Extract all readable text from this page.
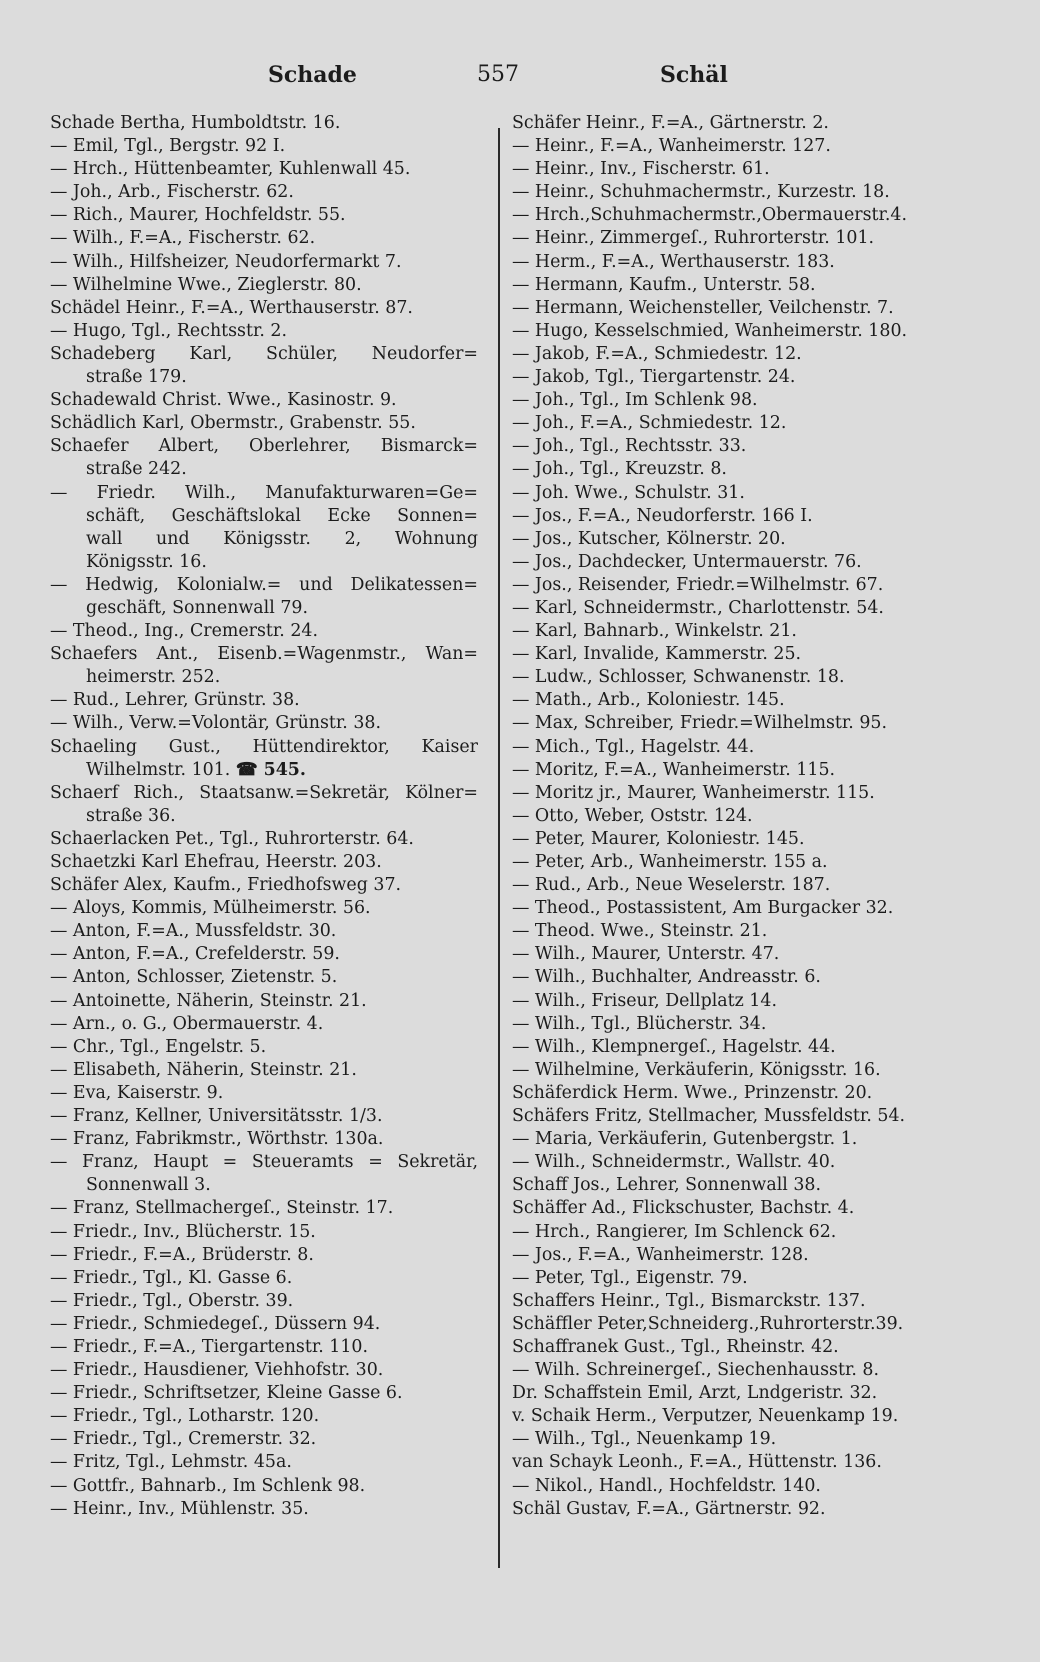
Schade	557	Schäl
Schade Bertha, Humboldtstr. 16.
— Emil, Tgl., Bergstr. 92 I.
— Hrch., Hüttenbeamter, Kuhlenwall 45.
— Joh., Arb., Fischerstr. 62.
— Rich., Maurer, Hochfeldstr. 55.
— Wilh., F.=A., Fischerstr. 62.
— Wilh., Hilfsheizer, Neudorfermarkt 7.
— Wilhelmine Wwe., Zieglerstr. 80.
Schädel Heinr., F.=A., Werthauserstr. 87.
— Hugo, Tgl., Rechtsstr. 2.
Schadeberg Karl, Schüler, Neudorfer=
straße 179.
Schadewald Christ. Wwe., Kasinostr. 9.
Schädlich Karl, Obermstr., Grabenstr. 55.
Schaefer Albert, Oberlehrer, Bismarck=
straße 242.
— Friedr. Wilh., Manufakturwaren=Ge=
schäft, Geschäftslokal Ecke Sonnen=
wall und Königsstr. 2, Wohnung
Königsstr. 16.
— Hedwig, Kolonialw.= und Delikatessen=
geschäft, Sonnenwall 79.
— Theod., Ing., Cremerstr. 24.
Schaefers Ant., Eisenb.=Wagenmstr., Wan=
heimerstr. 252.
— Rud., Lehrer, Grünstr. 38.
— Wilh., Verw.=Volontär, Grünstr. 38.
Schaeling Gust., Hüttendirektor, Kaiser
Wilhelmstr. 101. ☎ 545.
Schaerf Rich., Staatsanw.=Sekretär, Kölner=
straße 36.
Schaerlacken Pet., Tgl., Ruhrorterstr. 64.
Schaetzki Karl Ehefrau, Heerstr. 203.
Schäfer Alex, Kaufm., Friedhofsweg 37.
— Aloys, Kommis, Mülheimerstr. 56.
— Anton, F.=A., Mussfeldstr. 30.
— Anton, F.=A., Crefelderstr. 59.
— Anton, Schlosser, Zietenstr. 5.
— Antoinette, Näherin, Steinstr. 21.
— Arn., o. G., Obermauerstr. 4.
— Chr., Tgl., Engelstr. 5.
— Elisabeth, Näherin, Steinstr. 21.
— Eva, Kaiserstr. 9.
— Franz, Kellner, Universitätsstr. 1/3.
— Franz, Fabrikmstr., Wörthstr. 130a.
— Franz, Haupt = Steueramts = Sekretär,
Sonnenwall 3.
— Franz, Stellmachergeſ., Steinstr. 17.
— Friedr., Inv., Blücherstr. 15.
— Friedr., F.=A., Brüderstr. 8.
— Friedr., Tgl., Kl. Gasse 6.
— Friedr., Tgl., Oberstr. 39.
— Friedr., Schmiedegeſ., Düssern 94.
— Friedr., F.=A., Tiergartenstr. 110.
— Friedr., Hausdiener, Viehhofstr. 30.
— Friedr., Schriftsetzer, Kleine Gasse 6.
— Friedr., Tgl., Lotharstr. 120.
— Friedr., Tgl., Cremerstr. 32.
— Fritz, Tgl., Lehmstr. 45a.
— Gottfr., Bahnarb., Im Schlenk 98.
— Heinr., Inv., Mühlenstr. 35.
Schäfer Heinr., F.=A., Gärtnerstr. 2.
— Heinr., F.=A., Wanheimerstr. 127.
— Heinr., Inv., Fischerstr. 61.
— Heinr., Schuhmachermstr., Kurzestr. 18.
— Hrch.,Schuhmachermstr.,Obermauerstr.4.
— Heinr., Zimmergeſ., Ruhrorterstr. 101.
— Herm., F.=A., Werthauserstr. 183.
— Hermann, Kaufm., Unterstr. 58.
— Hermann, Weichensteller, Veilchenstr. 7.
— Hugo, Kesselschmied, Wanheimerstr. 180.
— Jakob, F.=A., Schmiedestr. 12.
— Jakob, Tgl., Tiergartenstr. 24.
— Joh., Tgl., Im Schlenk 98.
— Joh., F.=A., Schmiedestr. 12.
— Joh., Tgl., Rechtsstr. 33.
— Joh., Tgl., Kreuzstr. 8.
— Joh. Wwe., Schulstr. 31.
— Jos., F.=A., Neudorferstr. 166 I.
— Jos., Kutscher, Kölnerstr. 20.
— Jos., Dachdecker, Untermauerstr. 76.
— Jos., Reisender, Friedr.=Wilhelmstr. 67.
— Karl, Schneidermstr., Charlottenstr. 54.
— Karl, Bahnarb., Winkelstr. 21.
— Karl, Invalide, Kammerstr. 25.
— Ludw., Schlosser, Schwanenstr. 18.
— Math., Arb., Koloniestr. 145.
— Max, Schreiber, Friedr.=Wilhelmstr. 95.
— Mich., Tgl., Hagelstr. 44.
— Moritz, F.=A., Wanheimerstr. 115.
— Moritz jr., Maurer, Wanheimerstr. 115.
— Otto, Weber, Oststr. 124.
— Peter, Maurer, Koloniestr. 145.
— Peter, Arb., Wanheimerstr. 155 a.
— Rud., Arb., Neue Weselerstr. 187.
— Theod., Postassistent, Am Burgacker 32.
— Theod. Wwe., Steinstr. 21.
— Wilh., Maurer, Unterstr. 47.
— Wilh., Buchhalter, Andreasstr. 6.
— Wilh., Friseur, Dellplatz 14.
— Wilh., Tgl., Blücherstr. 34.
— Wilh., Klempnergeſ., Hagelstr. 44.
— Wilhelmine, Verkäuferin, Königsstr. 16.
Schäferdick Herm. Wwe., Prinzenstr. 20.
Schäfers Fritz, Stellmacher, Mussfeldstr. 54.
— Maria, Verkäuferin, Gutenbergstr. 1.
— Wilh., Schneidermstr., Wallstr. 40.
Schaff Jos., Lehrer, Sonnenwall 38.
Schäffer Ad., Flickschuster, Bachstr. 4.
— Hrch., Rangierer, Im Schlenck 62.
— Jos., F.=A., Wanheimerstr. 128.
— Peter, Tgl., Eigenstr. 79.
Schaffers Heinr., Tgl., Bismarckstr. 137.
Schäffler Peter,Schneiderg.,Ruhrorterstr.39.
Schaffranek Gust., Tgl., Rheinstr. 42.
— Wilh. Schreinergeſ., Siechenhausstr. 8.
Dr. Schaffstein Emil, Arzt, Lndgeristr. 32.
v. Schaik Herm., Verputzer, Neuenkamp 19.
— Wilh., Tgl., Neuenkamp 19.
van Schayk Leonh., F.=A., Hüttenstr. 136.
— Nikol., Handl., Hochfeldstr. 140.
Schäl Gustav, F.=A., Gärtnerstr. 92.
